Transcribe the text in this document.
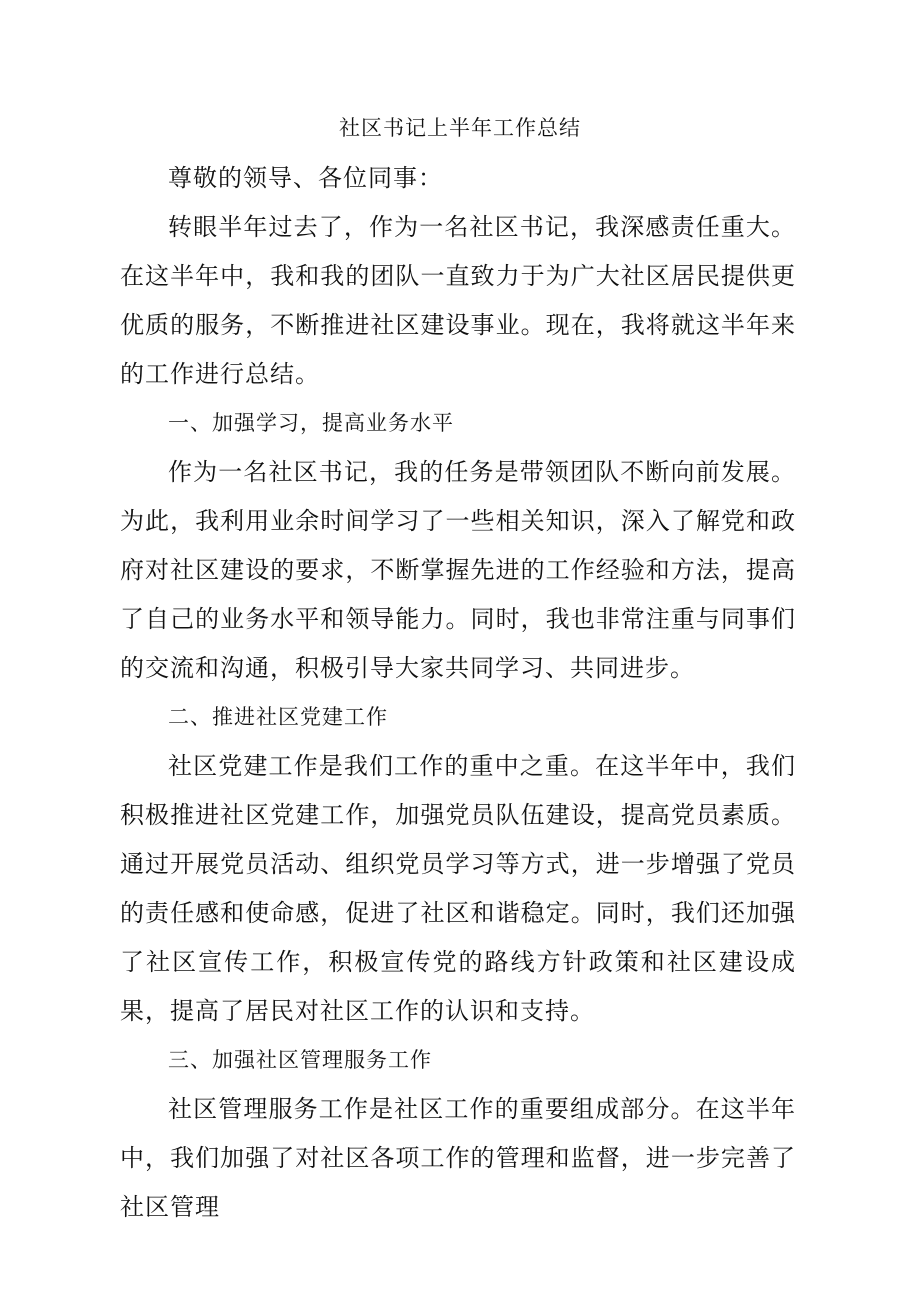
社区书记上半年工作总结

尊敬的领导、各位同事：

转眼半年过去了，作为一名社区书记，我深感责任重大。在这半年中，我和我的团队一直致力于为广大社区居民提供更优质的服务，不断推进社区建设事业。现在，我将就这半年来的工作进行总结。

一、加强学习，提高业务水平

作为一名社区书记，我的任务是带领团队不断向前发展。为此，我利用业余时间学习了一些相关知识，深入了解党和政府对社区建设的要求，不断掌握先进的工作经验和方法，提高了自己的业务水平和领导能力。同时，我也非常注重与同事们的交流和沟通，积极引导大家共同学习、共同进步。

二、推进社区党建工作

社区党建工作是我们工作的重中之重。在这半年中，我们积极推进社区党建工作，加强党员队伍建设，提高党员素质。通过开展党员活动、组织党员学习等方式，进一步增强了党员的责任感和使命感，促进了社区和谐稳定。同时，我们还加强了社区宣传工作，积极宣传党的路线方针政策和社区建设成果，提高了居民对社区工作的认识和支持。

三、加强社区管理服务工作

社区管理服务工作是社区工作的重要组成部分。在这半年中，我们加强了对社区各项工作的管理和监督，进一步完善了社区管理
